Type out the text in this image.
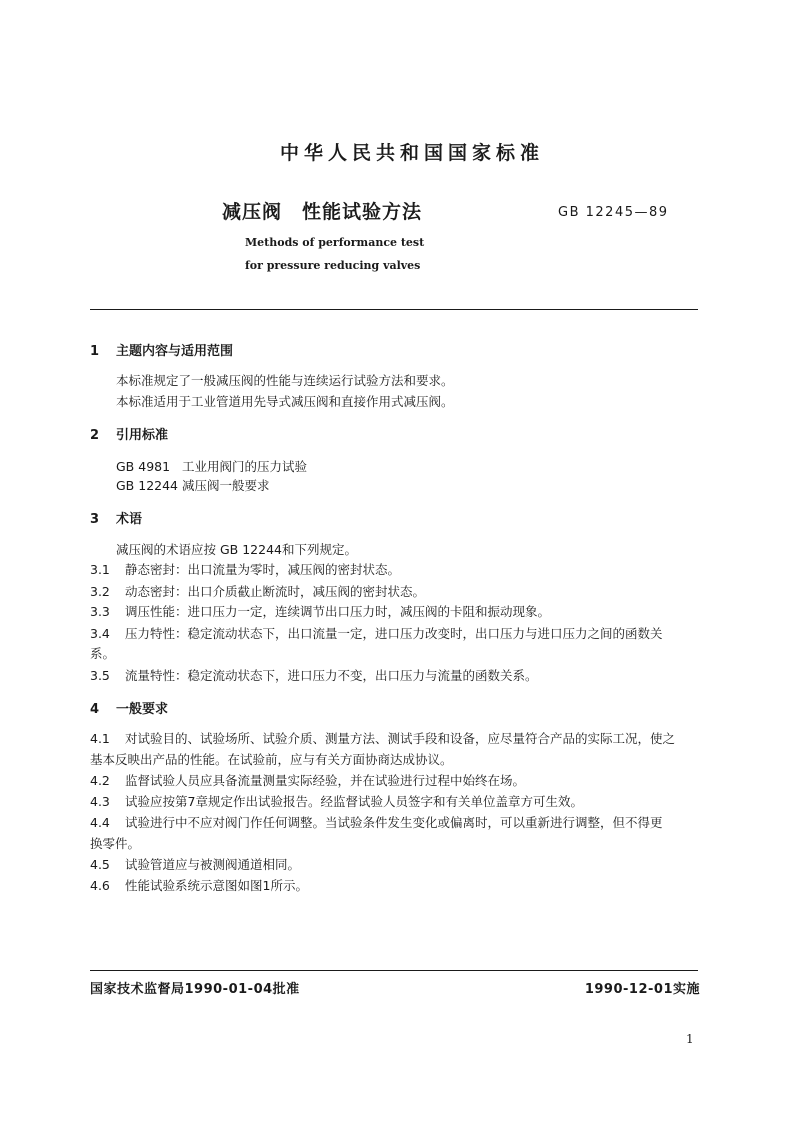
中华人民共和国国家标准
减压阀　性能试验方法	GB 12245—89
Methods of performance test
for pressure reducing valves
1 主题内容与适用范围
本标准规定了一般减压阀的性能与连续运行试验方法和要求。
本标准适用于工业管道用先导式减压阀和直接作用式减压阀。
2 引用标准
GB 4981 工业用阀门的压力试验
GB 12244 减压阀一般要求
3 术语
减压阀的术语应按 GB 12244和下列规定。
3.1 静态密封：出口流量为零时，减压阀的密封状态。
3.2 动态密封：出口介质截止断流时，减压阀的密封状态。
3.3 调压性能：进口压力一定，连续调节出口压力时，减压阀的卡阻和振动现象。
3.4 压力特性：稳定流动状态下，出口流量一定，进口压力改变时，出口压力与进口压力之间的函数关
系。
3.5 流量特性：稳定流动状态下，进口压力不变，出口压力与流量的函数关系。
4 一般要求
4.1 对试验目的、试验场所、试验介质、测量方法、测试手段和设备，应尽量符合产品的实际工况，使之
基本反映出产品的性能。在试验前，应与有关方面协商达成协议。
4.2 监督试验人员应具备流量测量实际经验，并在试验进行过程中始终在场。
4.3 试验应按第7章规定作出试验报告。经监督试验人员签字和有关单位盖章方可生效。
4.4 试验进行中不应对阀门作任何调整。当试验条件发生变化或偏离时，可以重新进行调整，但不得更
换零件。
4.5 试验管道应与被测阀通道相同。
4.6 性能试验系统示意图如图1所示。
国家技术监督局1990-01-04批准	1990-12-01实施
1
